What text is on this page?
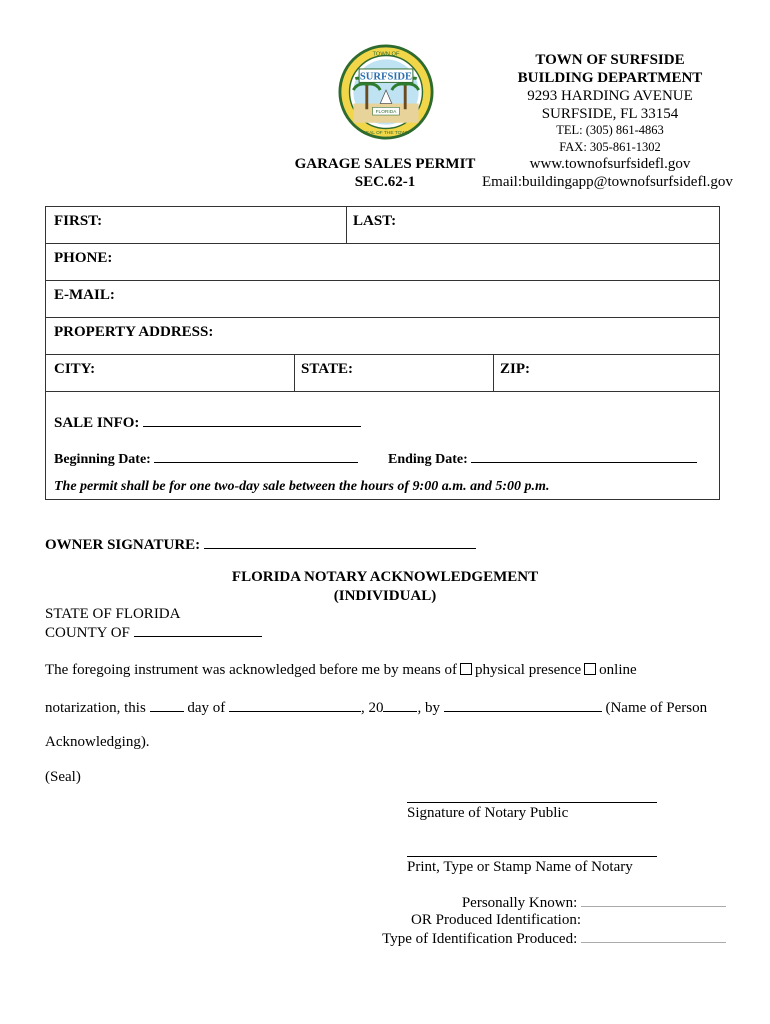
SURFSIDE
TOWN OF
FLORIDA
SEAL OF THE TOWN
TOWN OF SURFSIDE
BUILDING DEPARTMENT
9293 HARDING AVENUE
SURFSIDE, FL 33154
TEL: (305) 861-4863
FAX: 305-861-1302
www.townofsurfsidefl.gov
Email:buildingapp@townofsurfsidefl.gov
GARAGE SALES PERMIT
SEC.62-1
FIRST:	LAST:
PHONE:
E-MAIL:
PROPERTY ADDRESS:
CITY:	STATE:	ZIP:
SALE INFO:
Beginning Date:	Ending Date:
The permit shall be for one two-day sale between the hours of 9:00 a.m. and 5:00 p.m.
OWNER SIGNATURE:
FLORIDA NOTARY ACKNOWLEDGEMENT
(INDIVIDUAL)
STATE OF FLORIDA
COUNTY OF
The foregoing instrument was acknowledged before me by means of physical presence online
notarization, this	day of	, 20 , by	(Name of Person
Acknowledging).
(Seal)
Signature of Notary Public
Print, Type or Stamp Name of Notary
Personally Known:
OR Produced Identification:
Type of Identification Produced:
